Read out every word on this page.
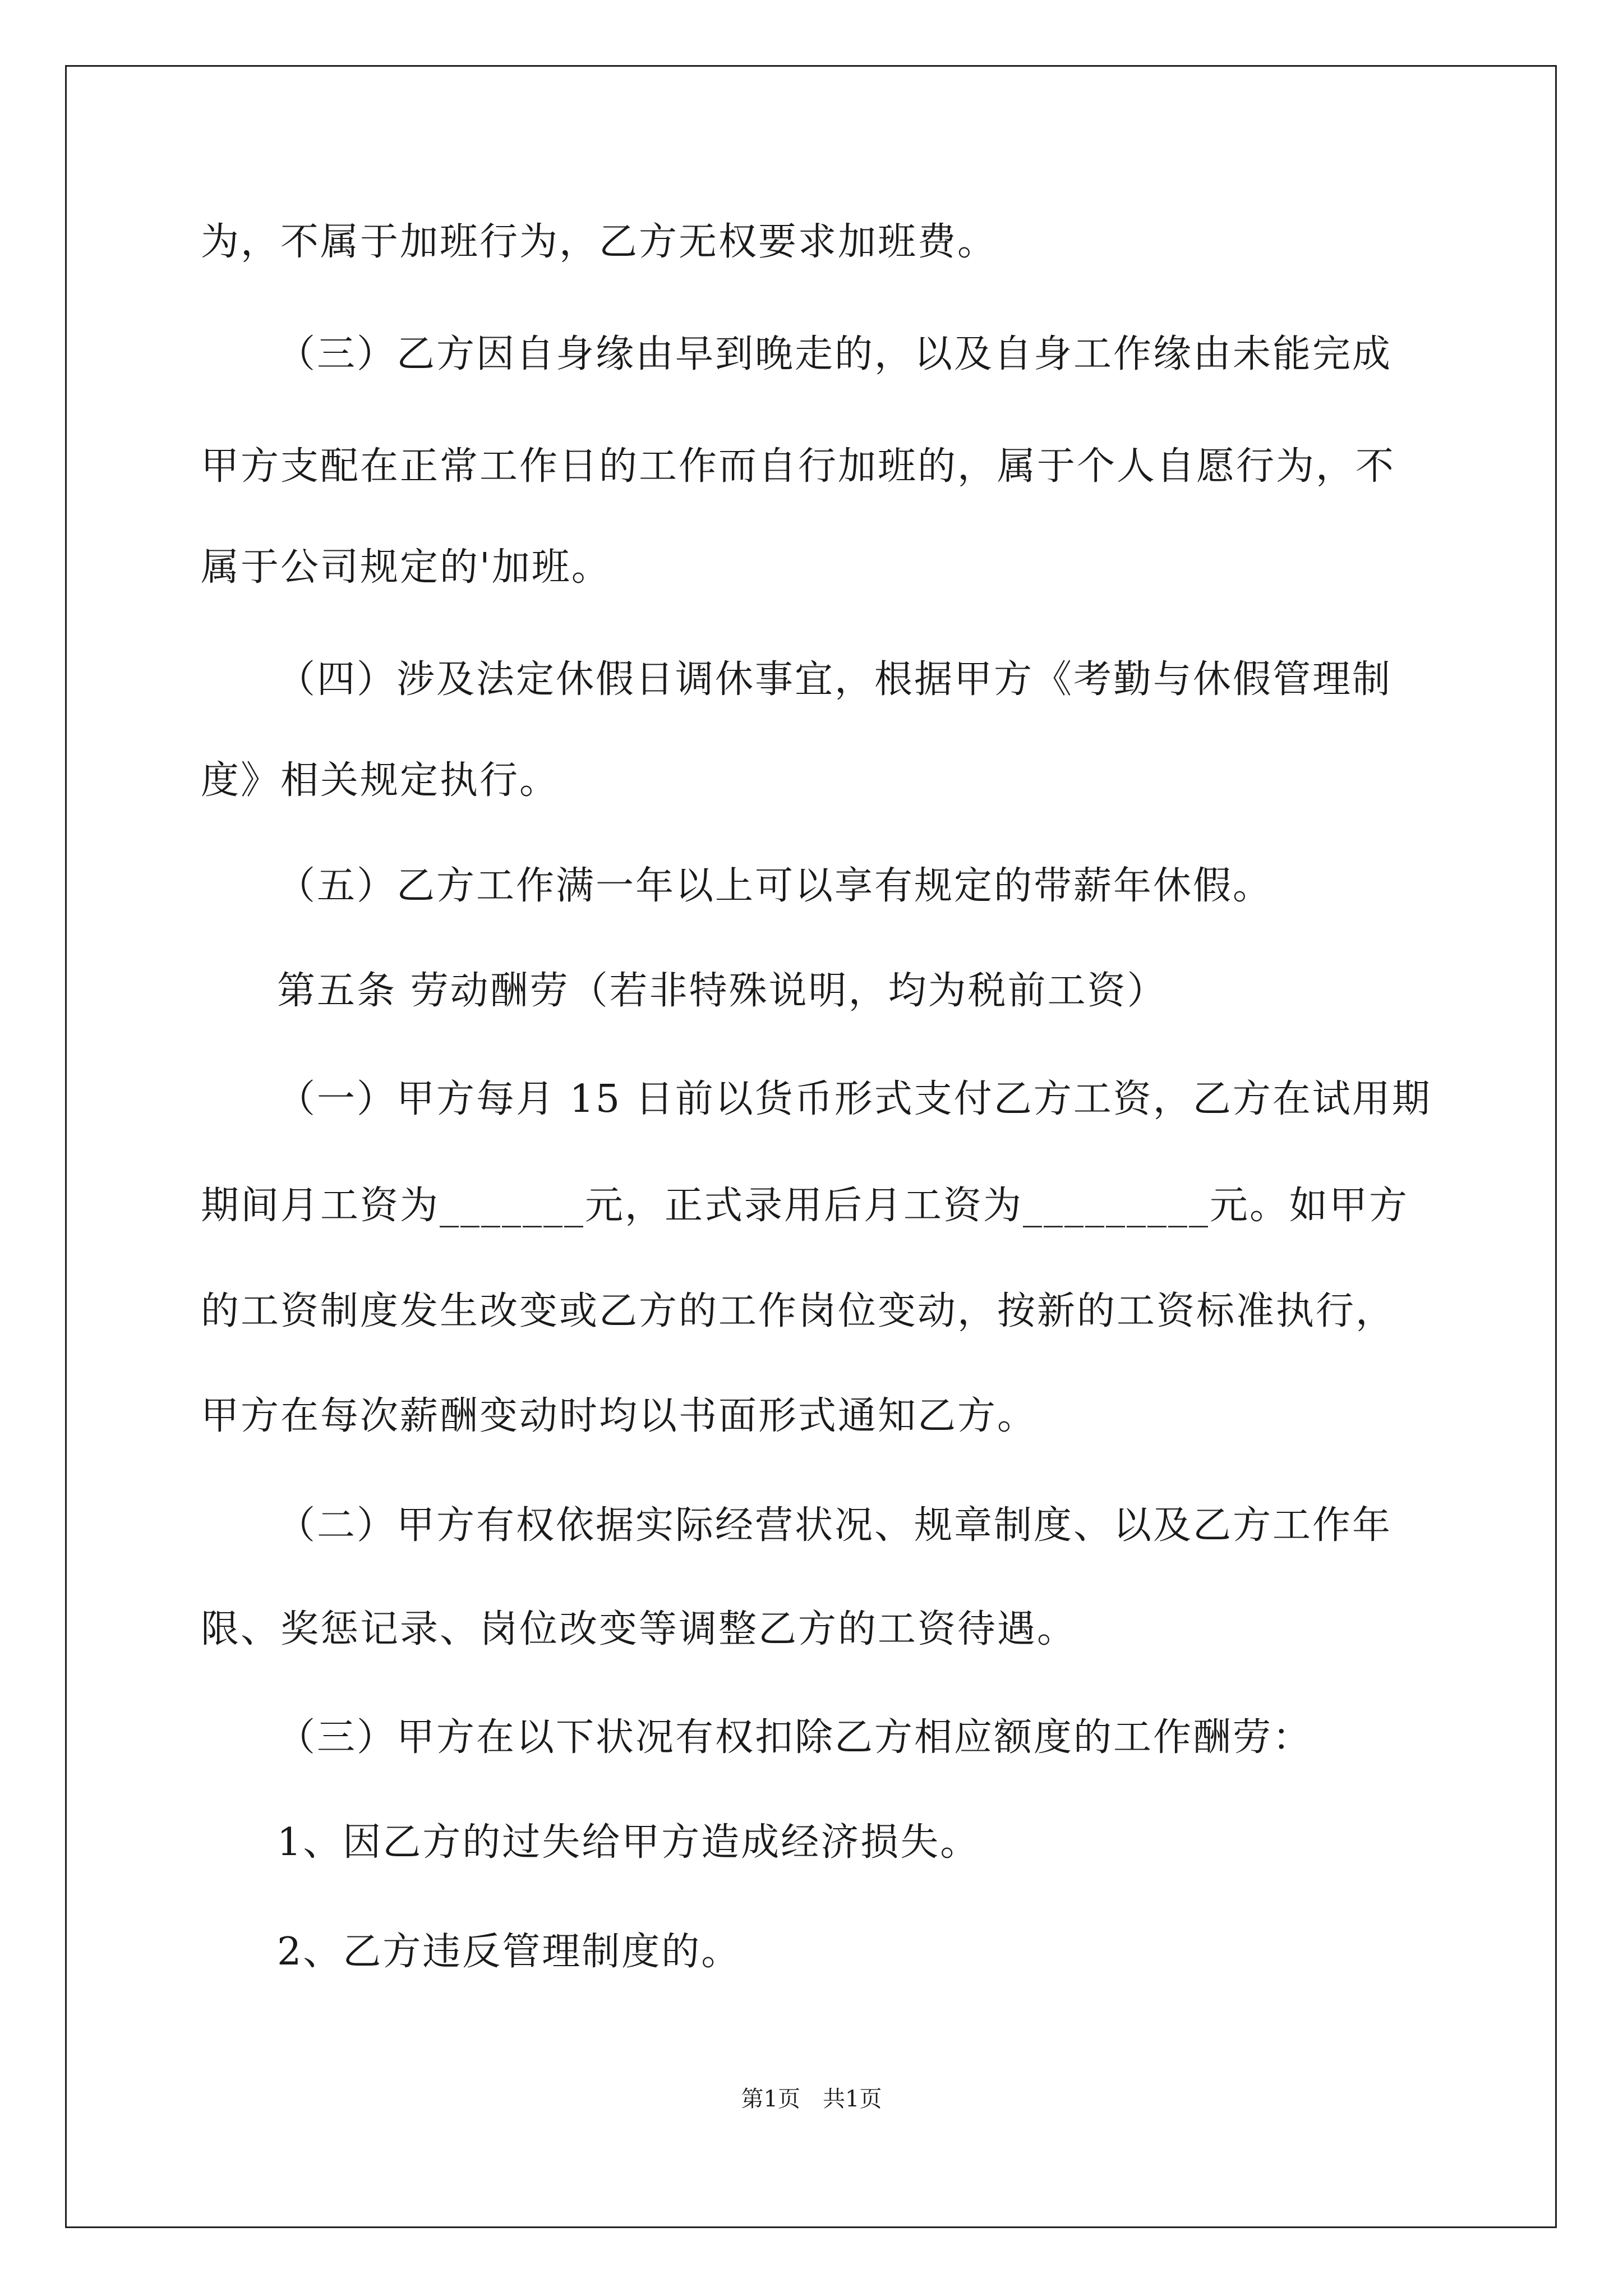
为，不属于加班行为，乙方无权要求加班费。
（三）乙方因自身缘由早到晚走的，以及自身工作缘由未能完成
甲方支配在正常工作日的工作而自行加班的，属于个人自愿行为，不
属于公司规定的'加班。
（四）涉及法定休假日调休事宜，根据甲方《考勤与休假管理制
度》相关规定执行。
（五）乙方工作满一年以上可以享有规定的带薪年休假。
第五条 劳动酬劳（若非特殊说明，均为税前工资）
（一）甲方每月 15 日前以货币形式支付乙方工资，乙方在试用期
期间月工资为_______元，正式录用后月工资为_________元。如甲方
的工资制度发生改变或乙方的工作岗位变动，按新的工资标准执行，
甲方在每次薪酬变动时均以书面形式通知乙方。
（二）甲方有权依据实际经营状况、规章制度、以及乙方工作年
限、奖惩记录、岗位改变等调整乙方的工资待遇。
（三）甲方在以下状况有权扣除乙方相应额度的工作酬劳：
1、因乙方的过失给甲方造成经济损失。
2、乙方违反管理制度的。
第1页　共1页
